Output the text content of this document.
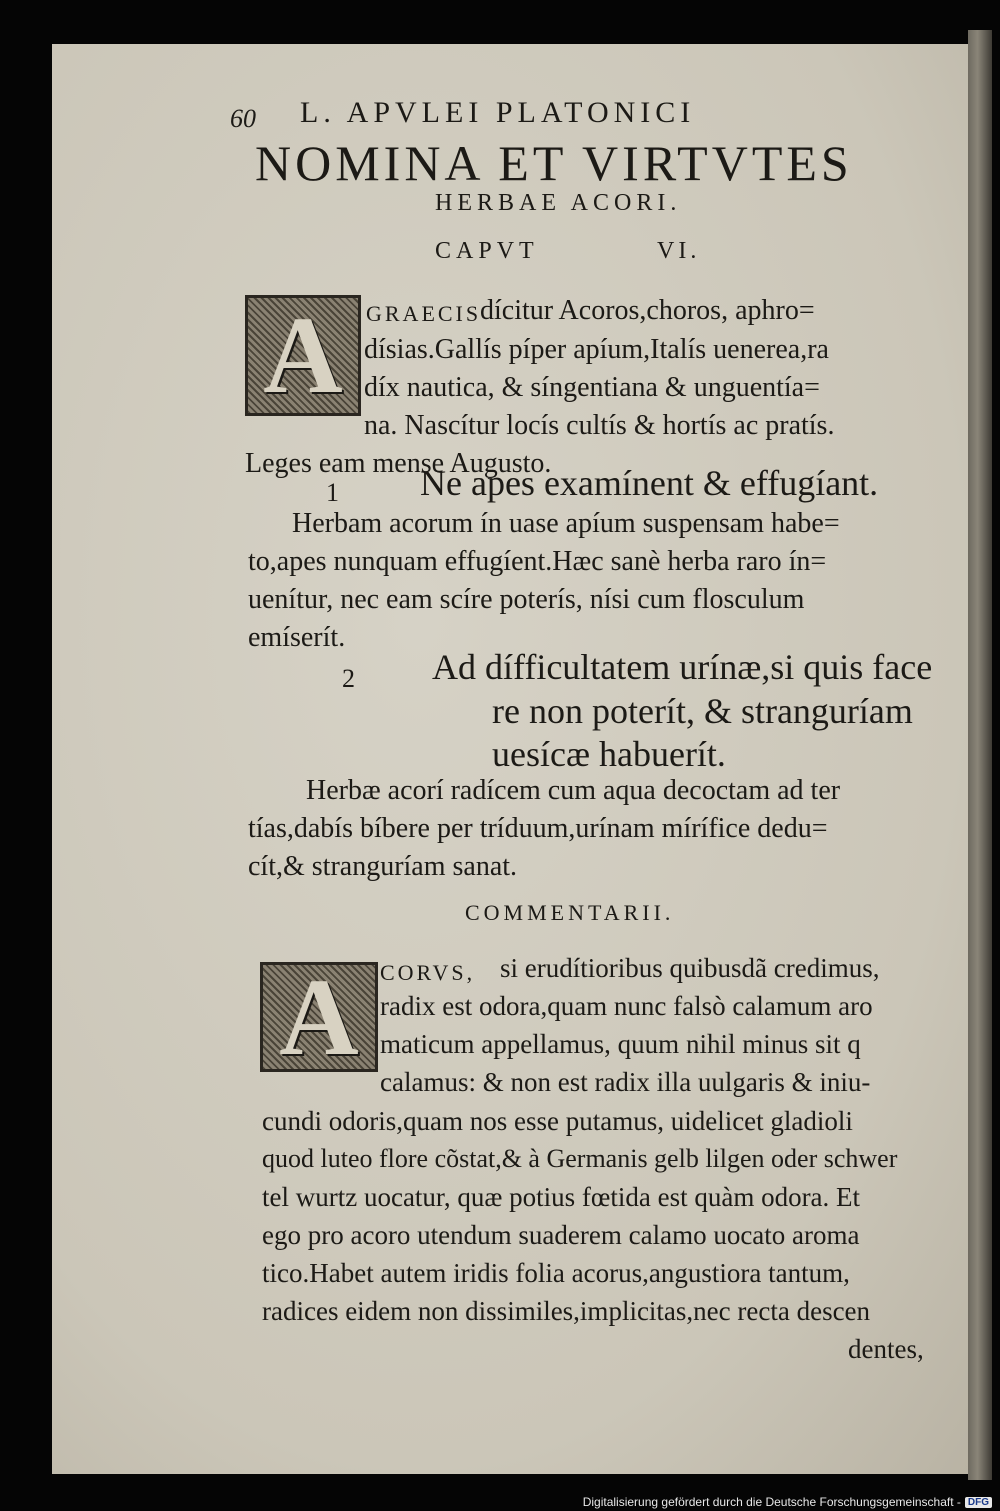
60 L. APVLEI PLATONICI
NOMINA ET VIRTVTES
HERBAE ACORI.
CAPVT	VI.
A GRAECIS
dícitur Acoros,choros, aphro=
dísias.Gallís píper apíum,Italís uenerea,ra
díx nautica, & síngentiana & unguentía=
na. Nascítur locís cultís & hortís ac pratís.
Leges eam mense Augusto.
1 Ne apes examínent & effugíant.
Herbam acorum ín uase apíum suspensam habe=
to,apes nunquam effugíent.Hæc sanè herba raro ín=
uenítur, nec eam scíre poterís, nísi cum flosculum
emíserít.
2 Ad dífficultatem urínæ,si quis face
re non poterít, & stranguríam
uesícæ habuerít.
Herbæ acorí radícem cum aqua decoctam ad ter
tías,dabís bíbere per tríduum,urínam mírífice dedu=
cít,& stranguríam sanat.
COMMENTARII.
A CORVS, si erudítioribus quibusdã credimus,
radix est odora,quam nunc falsò calamum aro
maticum appellamus, quum nihil minus sit q
calamus: & non est radix illa uulgaris & iniu-
cundi odoris,quam nos esse putamus, uidelicet gladioli
quod luteo flore cõstat,& à Germanis gelb lilgen oder schwer
tel wurtz uocatur, quæ potius fœtida est quàm odora. Et
ego pro acoro utendum suaderem calamo uocato aroma
tico.Habet autem iridis folia acorus,angustiora tantum,
radices eidem non dissimiles,implicitas,nec recta descen
dentes,
Digitalisierung gefördert durch die Deutsche Forschungsgemeinschaft - DFG
